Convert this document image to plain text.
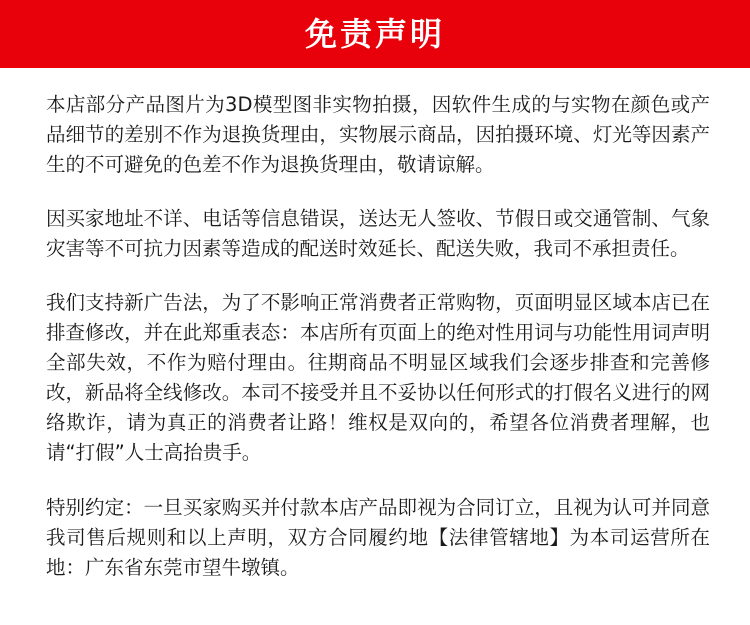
免责声明

本店部分产品图片为3D模型图非实物拍摄，因软件生成的与实物在颜色或产品细节的差别不作为退换货理由，实物展示商品，因拍摄环境、灯光等因素产生的不可避免的色差不作为退换货理由，敬请谅解。

因买家地址不详、电话等信息错误，送达无人签收、节假日或交通管制、气象灾害等不可抗力因素等造成的配送时效延长、配送失败，我司不承担责任。

我们支持新广告法，为了不影响正常消费者正常购物，页面明显区域本店已在排查修改，并在此郑重表态：本店所有页面上的绝对性用词与功能性用词声明全部失效，不作为赔付理由。往期商品不明显区域我们会逐步排查和完善修改，新品将全线修改。本司不接受并且不妥协以任何形式的打假名义进行的网络欺诈，请为真正的消费者让路！维权是双向的，希望各位消费者理解，也请“打假”人士高抬贵手。

特别约定：一旦买家购买并付款本店产品即视为合同订立，且视为认可并同意我司售后规则和以上声明，双方合同履约地【法律管辖地】为本司运营所在地：广东省东莞市望牛墩镇。
